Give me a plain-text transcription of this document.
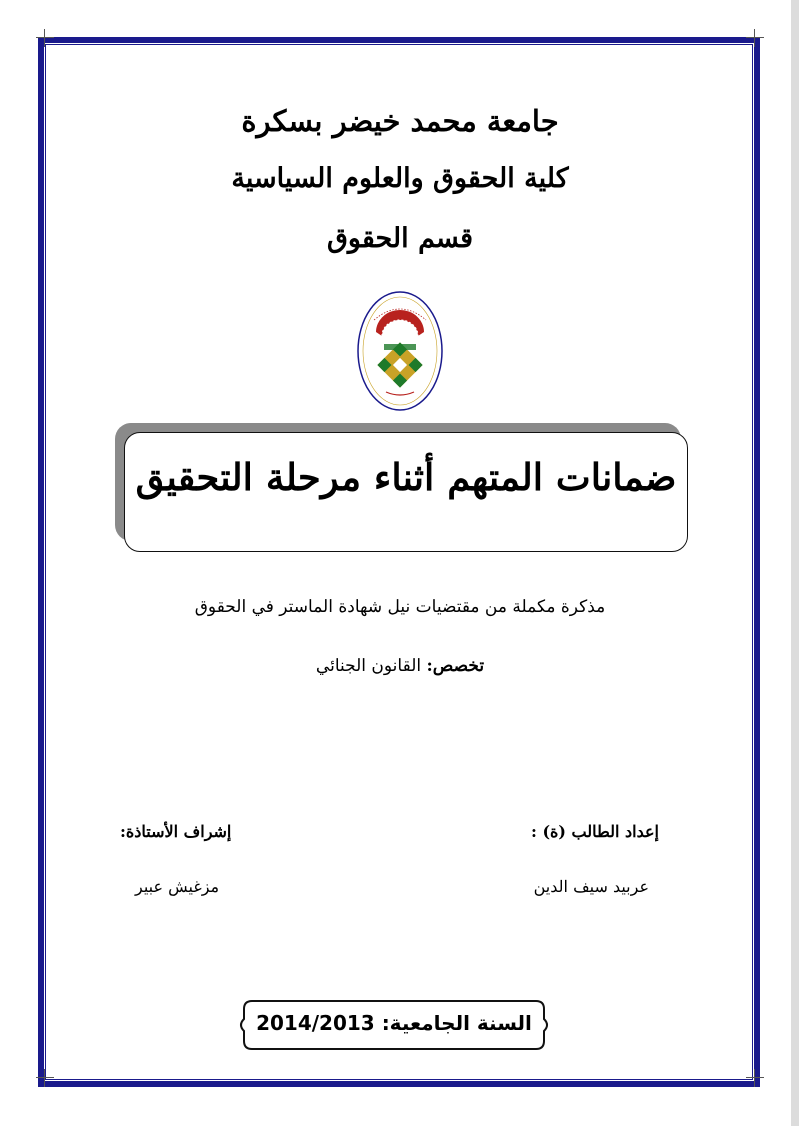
جامعة محمد خيضر بسكرة
كلية الحقوق والعلوم السياسية
قسم الحقوق
ضمانات المتهم أثناء مرحلة التحقيق
مذكرة مكملة من مقتضيات نيل شهادة الماستر في الحقوق
تخصص: القانون الجنائي
إعداد الطالب (ة) :
إشراف الأستاذة:
عربيد سيف الدين
مزغيش عبير
السنة الجامعية: 2014/2013
